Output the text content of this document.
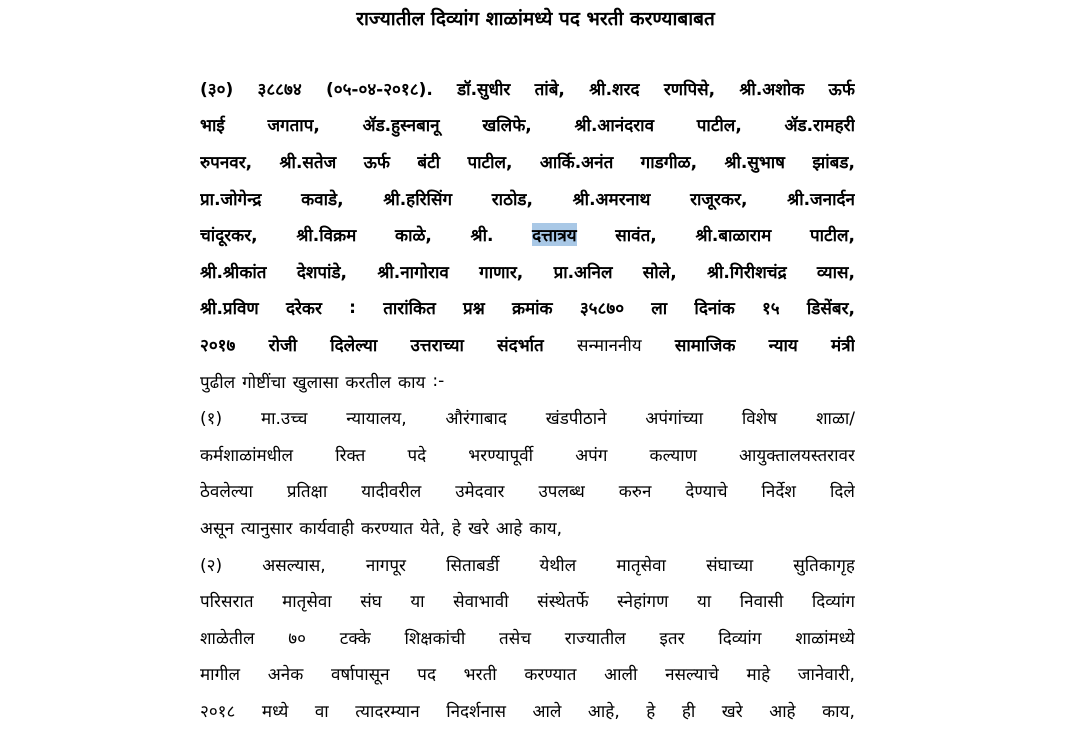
राज्यातील दिव्यांग शाळांमध्ये पद भरती करण्याबाबत
(३०) ३८८७४ (०५-०४-२०१८). डॉ.सुधीर तांबे, श्री.शरद रणपिसे, श्री.अशोक ऊर्फ
भाई	जगताप,	ॲड.हुस्नबानू	खलिफे,	श्री.आनंदराव	पाटील,	ॲड.रामहरी
रुपनवर, श्री.सतेज ऊर्फ बंटी पाटील, आर्कि.अनंत गाडगीळ, श्री.सुभाष झांबड,
प्रा.जोगेन्द्र कवाडे, श्री.हरिसिंग राठोड, श्री.अमरनाथ राजूरकर, श्री.जनार्दन
चांदूरकर, श्री.विक्रम काळे, श्री. दत्तात्रय सावंत, श्री.बाळाराम पाटील,
श्री.श्रीकांत देशपांडे, श्री.नागोराव गाणार, प्रा.अनिल सोले, श्री.गिरीशचंद्र व्यास,
श्री.प्रविण दरेकर : तारांकित प्रश्न क्रमांक ३५८७० ला दिनांक १५ डिसेंबर,
२०१७ रोजी दिलेल्या उत्तराच्या संदर्भात सन्माननीय सामाजिक न्याय मंत्री
पुढील गोष्टींचा खुलासा करतील काय :-
(१) मा.उच्च न्यायालय, औरंगाबाद खंडपीठाने अपंगांच्या विशेष शाळा/
कर्मशाळांमधील रिक्त पदे भरण्यापूर्वी अपंग कल्याण आयुक्तालयस्तरावर
ठेवलेल्या प्रतिक्षा यादीवरील उमेदवार उपलब्ध करुन देण्याचे निर्देश दिले
असून त्यानुसार कार्यवाही करण्यात येते, हे खरे आहे काय,
(२) असल्यास, नागपूर सिताबर्डी येथील मातृसेवा संघाच्या सुतिकागृह
परिसरात मातृसेवा संघ या सेवाभावी संस्थेतर्फे स्नेहांगण या निवासी दिव्यांग
शाळेतील ७० टक्के शिक्षकांची तसेच राज्यातील इतर दिव्यांग शाळांमध्ये
मागील अनेक वर्षापासून पद भरती करण्यात आली नसल्याचे माहे जानेवारी,
२०१८ मध्ये वा त्यादरम्यान निदर्शनास आले आहे, हे ही खरे आहे काय,
